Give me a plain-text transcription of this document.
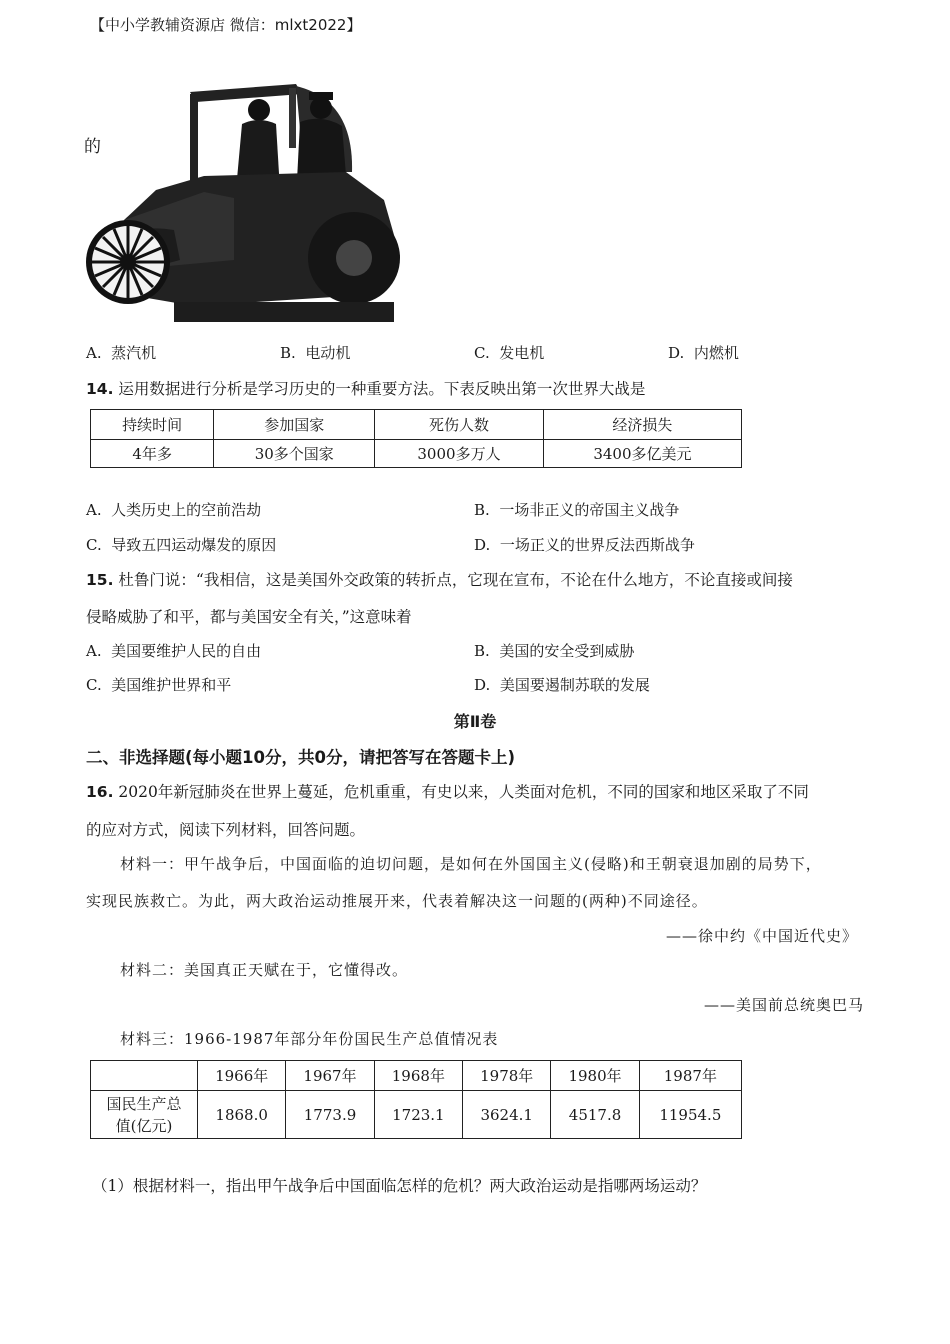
【中小学教辅资源店 微信：mlxt2022】
的
A. 蒸汽机	B. 电动机	C. 发电机	D. 内燃机
14. 运用数据进行分析是学习历史的一种重要方法。下表反映出第一次世界大战是
持续时间	参加国家	死伤人数	经济损失
4年多	30多个国家	3000多万人	3400多亿美元
A. 人类历史上的空前浩劫	B. 一场非正义的帝国主义战争
C. 导致五四运动爆发的原因	D. 一场正义的世界反法西斯战争
15. 杜鲁门说：“我相信，这是美国外交政策的转折点，它现在宣布，不论在什么地方，不论直接或间接
侵略威胁了和平，都与美国安全有关，”这意味着
A. 美国要维护人民的自由	B. 美国的安全受到威胁
C. 美国维护世界和平	D. 美国要遏制苏联的发展
第Ⅱ卷
二、非选择题(每小题10分，共0分，请把答写在答题卡上)
16. 2020年新冠肺炎在世界上蔓延，危机重重，有史以来，人类面对危机，不同的国家和地区采取了不同
的应对方式，阅读下列材料，回答问题。
材料一：甲午战争后，中国面临的迫切问题，是如何在外国国主义(侵略)和王朝衰退加剧的局势下，
实现民族救亡。为此，两大政治运动推展开来，代表着解决这一问题的(两种)不同途径。
——徐中约《中国近代史》
材料二：美国真正天赋在于，它懂得改。
——美国前总统奥巴马
材料三：1966-1987年部分年份国民生产总值情况表
	1966年	1967年	1968年	1978年	1980年	1987年

国民生产总
值(亿元)	1868.0	1773.9	1723.1	3624.1	4517.8	11954.5
（1）根据材料一，指出甲午战争后中国面临怎样的危机？两大政治运动是指哪两场运动？
